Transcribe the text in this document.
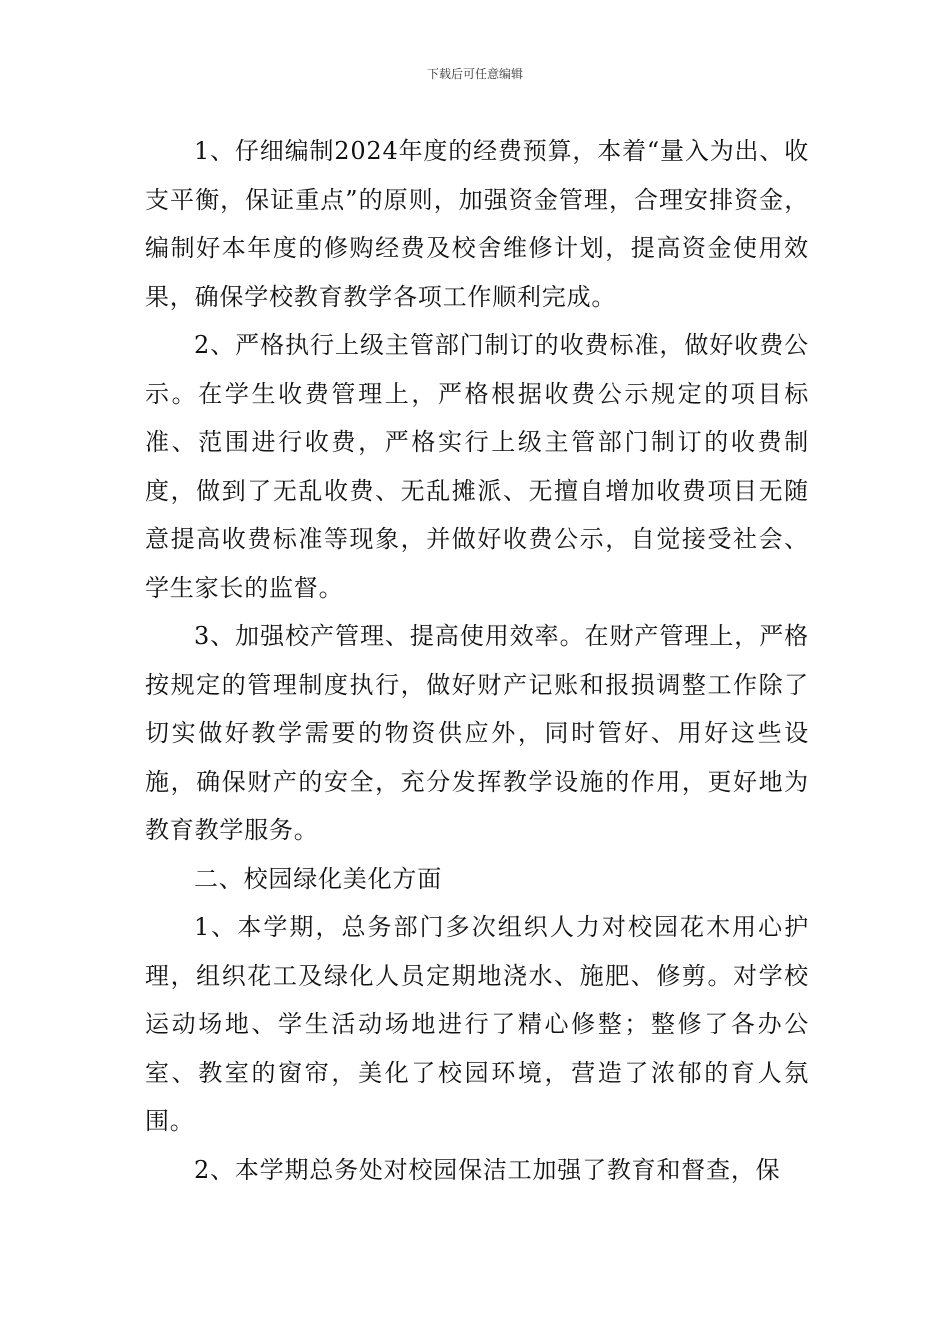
下载后可任意编辑

1、仔细编制2024年度的经费预算，本着“量入为出、收支平衡，保证重点”的原则，加强资金管理，合理安排资金，编制好本年度的修购经费及校舍维修计划，提高资金使用效果，确保学校教育教学各项工作顺利完成。

2、严格执行上级主管部门制订的收费标准，做好收费公示。在学生收费管理上，严格根据收费公示规定的项目标准、范围进行收费，严格实行上级主管部门制订的收费制度，做到了无乱收费、无乱摊派、无擅自增加收费项目无随意提高收费标准等现象，并做好收费公示，自觉接受社会、学生家长的监督。

3、加强校产管理、提高使用效率。在财产管理上，严格按规定的管理制度执行，做好财产记账和报损调整工作除了切实做好教学需要的物资供应外，同时管好、用好这些设施，确保财产的安全，充分发挥教学设施的作用，更好地为教育教学服务。

二、校园绿化美化方面

1、本学期，总务部门多次组织人力对校园花木用心护理，组织花工及绿化人员定期地浇水、施肥、修剪。对学校运动场地、学生活动场地进行了精心修整；整修了各办公室、教室的窗帘，美化了校园环境，营造了浓郁的育人氛围。

2、本学期总务处对校园保洁工加强了教育和督查，保
